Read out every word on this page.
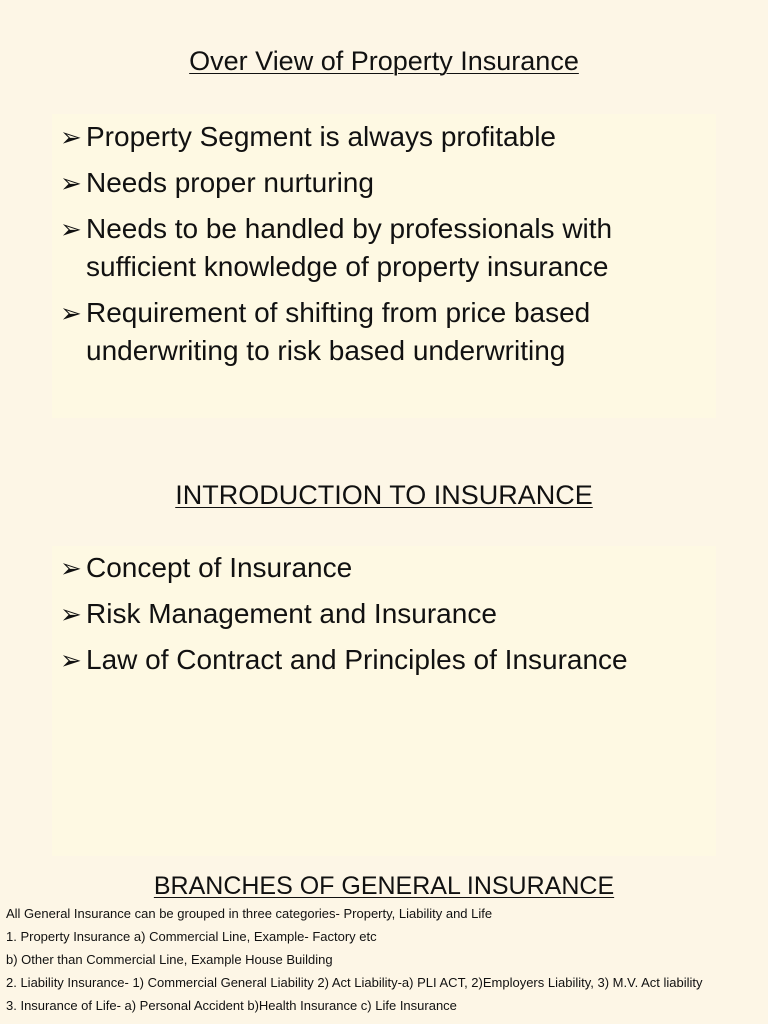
Over View of Property Insurance
➢ Property Segment is always profitable
➢ Needs proper nurturing
➢ Needs to be handled by professionals with sufficient knowledge of property insurance
➢ Requirement of shifting from price based underwriting to risk based underwriting
INTRODUCTION TO INSURANCE
➢ Concept of Insurance
➢ Risk Management and Insurance
➢ Law of Contract and Principles of Insurance
BRANCHES OF GENERAL INSURANCE

All General Insurance can be grouped in three categories- Property, Liability and Life

1. Property Insurance a) Commercial Line, Example- Factory etc

b) Other than Commercial Line, Example House Building

2. Liability Insurance- 1) Commercial General Liability 2) Act Liability-a) PLI ACT, 2)Employers Liability, 3) M.V. Act liability

3. Insurance of Life- a) Personal Accident b)Health Insurance c) Life Insurance
